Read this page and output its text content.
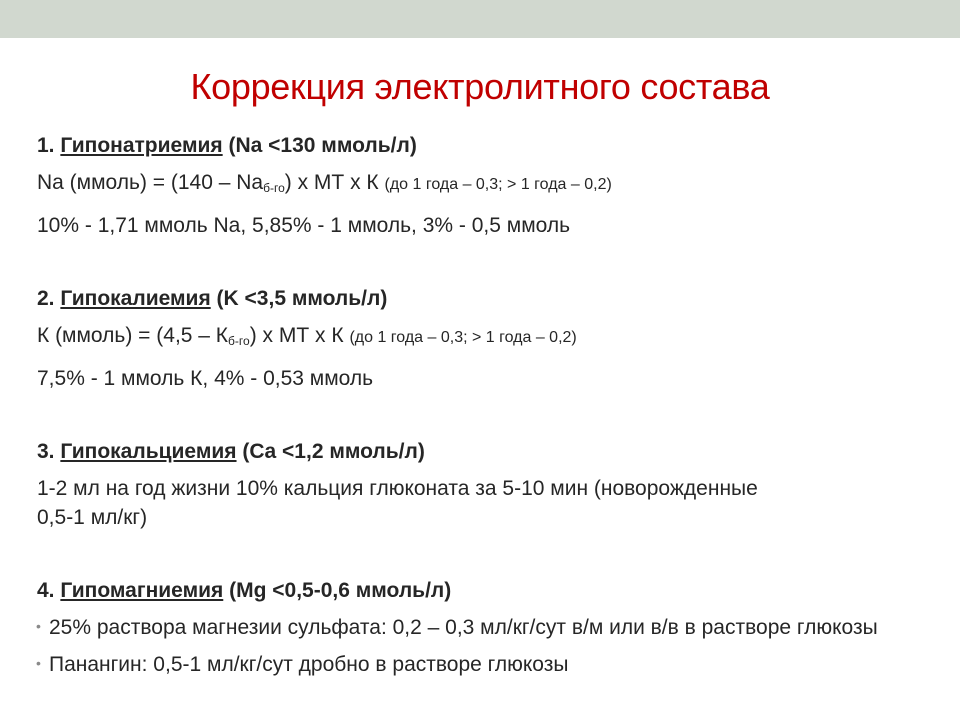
Коррекция электролитного состава

1. Гипонатриемия (Na <130 ммоль/л)

Na (ммоль) = $(140 - Na_{б-го})$ х МТ х К (до 1 года – 0,3; > 1 года – 0,2)

10% - 1,71 ммоль Na, 5,85% - 1 ммоль, 3% - 0,5 ммоль

2. Гипокалиемия (K <3,5 ммоль/л)

К (ммоль) = $(4,5 - К_{б-го})$ х МТ х К (до 1 года – 0,3; > 1 года – 0,2)

7,5% - 1 ммоль К, 4% - 0,53 ммоль

3. Гипокальциемия (Ca <1,2 ммоль/л)

1-2 мл на год жизни 10% кальция глюконата за 5-10 мин (новорожденные

0,5-1 мл/кг)

4. Гипомагниемия (Mg <0,5-0,6 ммоль/л)

• 25% раствора магнезии сульфата: 0,2 – 0,3 мл/кг/сут в/м или в/в в растворе глюкозы
• Панангин: 0,5-1 мл/кг/сут дробно в растворе глюкозы
